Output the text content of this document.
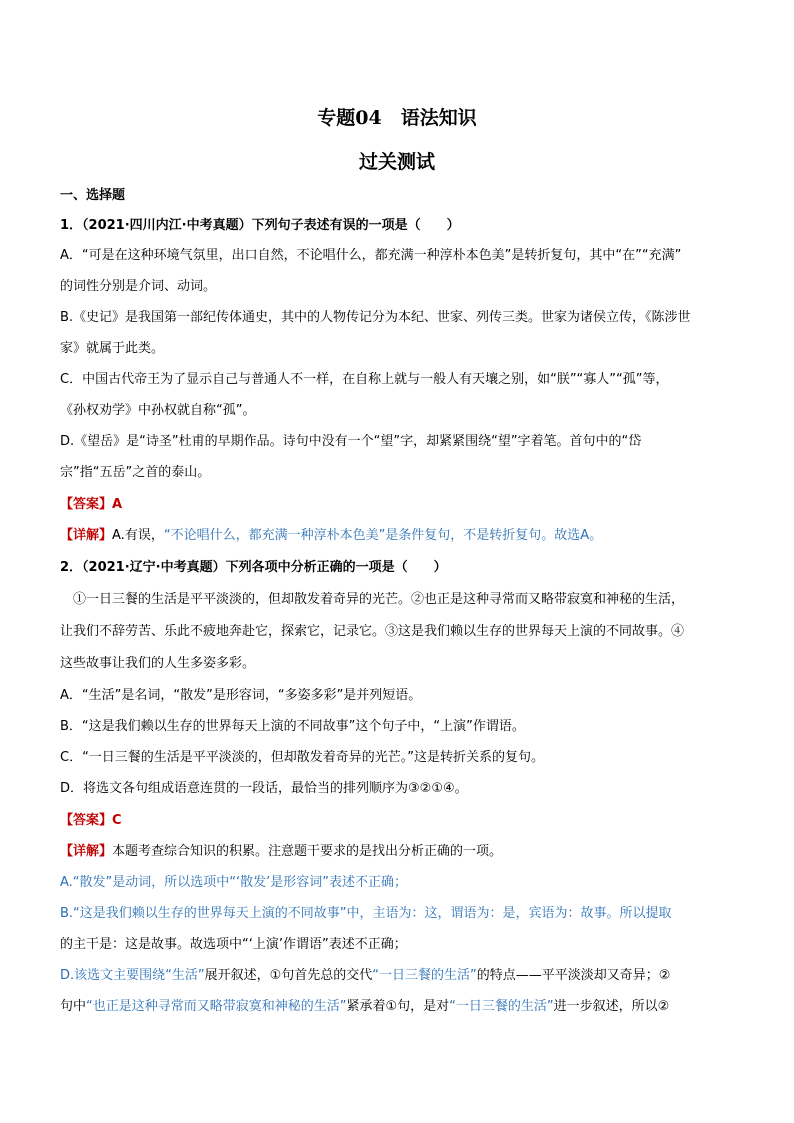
专题04　语法知识
过关测试
一、选择题
1．（2021·四川内江·中考真题）下列句子表述有误的一项是（　　）
A．“可是在这种环境气氛里，出口自然，不论唱什么，都充满一种淳朴本色美”是转折复句，其中“在”“充满”
的词性分别是介词、动词。
B.《史记》是我国第一部纪传体通史，其中的人物传记分为本纪、世家、列传三类。世家为诸侯立传，《陈涉世
家》就属于此类。
C．中国古代帝王为了显示自己与普通人不一样，在自称上就与一般人有天壤之别，如“朕”“寡人”“孤”等，
《孙权劝学》中孙权就自称“孤”。
D.《望岳》是“诗圣”杜甫的早期作品。诗句中没有一个“望”字，却紧紧围绕“望”字着笔。首句中的“岱
宗”指“五岳”之首的泰山。
【答案】A
【详解】A.有误，“不论唱什么，都充满一种淳朴本色美”是条件复句，不是转折复句。故选A。
2．（2021·辽宁·中考真题）下列各项中分析正确的一项是（　　）
　①一日三餐的生活是平平淡淡的，但却散发着奇异的光芒。②也正是这种寻常而又略带寂寞和神秘的生活，
让我们不辞劳苦、乐此不疲地奔赴它，探索它，记录它。③这是我们赖以生存的世界每天上演的不同故事。④
这些故事让我们的人生多姿多彩。
A．“生活”是名词，“散发”是形容词，“多姿多彩”是并列短语。
B．“这是我们赖以生存的世界每天上演的不同故事”这个句子中，“上演”作谓语。
C．“一日三餐的生活是平平淡淡的，但却散发着奇异的光芒。”这是转折关系的复句。
D．将选文各句组成语意连贯的一段话，最恰当的排列顺序为③②①④。
【答案】C
【详解】本题考查综合知识的积累。注意题干要求的是找出分析正确的一项。
A.“散发”是动词，所以选项中“‘散发’是形容词”表述不正确；
B.“这是我们赖以生存的世界每天上演的不同故事”中，主语为：这，谓语为：是，宾语为：故事。所以提取
的主干是：这是故事。故选项中“‘上演’作谓语”表述不正确；
D.该选文主要围绕“生活”展开叙述，①句首先总的交代“一日三餐的生活”的特点——平平淡淡却又奇异；②
句中“也正是这种寻常而又略带寂寞和神秘的生活”紧承着①句，是对“一日三餐的生活”进一步叙述，所以②
